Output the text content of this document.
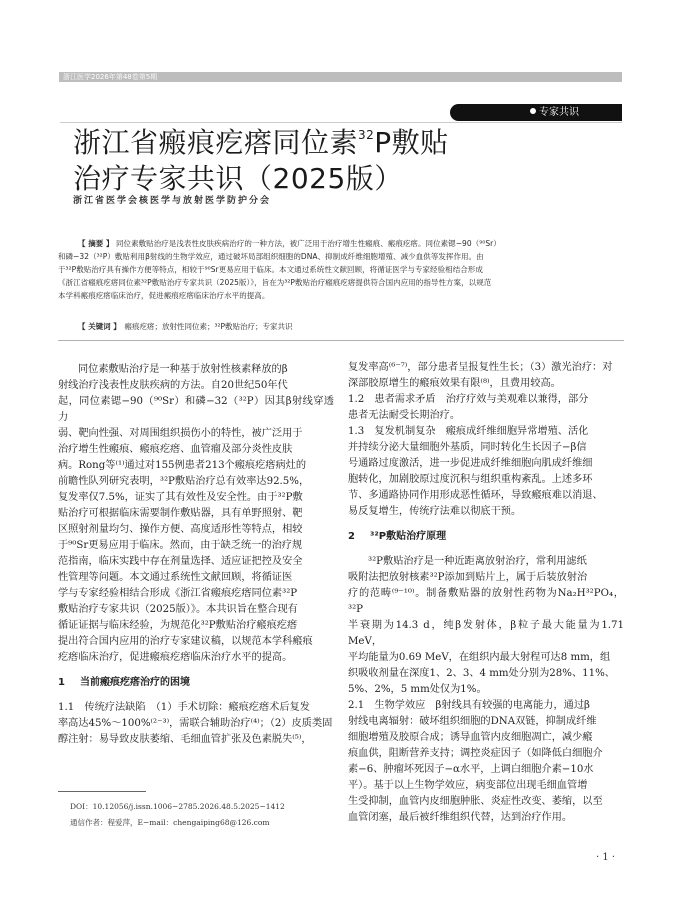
浙江医学2026年第48卷第5期
专家共识
浙江省瘢痕疙瘩同位素$^{32}$P敷贴
治疗专家共识（2025版）
浙江省医学会核医学与放射医学防护分会
【 摘要 】 同位素敷贴治疗是浅表性皮肤疾病治疗的一种方法，被广泛用于治疗增生性瘢痕、瘢痕疙瘩。同位素锶−90（⁹⁰Sr）
和磷−32（³²P）敷贴利用β射线的生物学效应，通过破坏局部组织细胞的DNA、抑制成纤维细胞增殖、减少血供等发挥作用。由
于³²P敷贴治疗具有操作方便等特点，相较于⁹⁰Sr更易应用于临床。本文通过系统性文献回顾，将循证医学与专家经验相结合形成
《浙江省瘢痕疙瘩同位素³²P敷贴治疗专家共识（2025版）》，旨在为³²P敷贴治疗瘢痕疙瘩提供符合国内应用的指导性方案，以规范
本学科瘢痕疙瘩临床治疗，促进瘢痕疙瘩临床治疗水平的提高。
【 关键词 】　 瘢痕疙瘩；放射性同位素；³²P敷贴治疗；专家共识
同位素敷贴治疗是一种基于放射性核素释放的β
射线治疗浅表性皮肤疾病的方法。自20世纪50年代
起，同位素锶−90（⁹⁰Sr）和磷−32（³²P）因其β射线穿透力
弱、靶向性强、对周围组织损伤小的特性，被广泛用于
治疗增生性瘢痕、瘢痕疙瘩、血管瘤及部分炎性皮肤
病。Rong等⁽¹⁾通过对155例患者213个瘢痕疙瘩病灶的
前瞻性队列研究表明，³²P敷贴治疗总有效率达92.5%，
复发率仅7.5%，证实了其有效性及安全性。由于³²P敷
贴治疗可根据临床需要制作敷贴器，具有单野照射、靶
区照射剂量均匀、操作方便、高度适形性等特点，相较
于⁹⁰Sr更易应用于临床。然而，由于缺乏统一的治疗规
范指南，临床实践中存在剂量选择、适应证把控及安全
性管理等问题。本文通过系统性文献回顾，将循证医
学与专家经验相结合形成《浙江省瘢痕疙瘩同位素³²P
敷贴治疗专家共识（2025版）》。本共识旨在整合现有
循证证据与临床经验，为规范化³²P敷贴治疗瘢痕疙瘩
提出符合国内应用的治疗专家建议稿，以规范本学科瘢痕
疙瘩临床治疗，促进瘢痕疙瘩临床治疗水平的提高。
1 当前瘢痕疙瘩治疗的困境
1.1　传统疗法缺陷　（1）手术切除：瘢痕疙瘩术后复发
率高达45%～100%⁽²⁻³⁾，需联合辅助治疗⁽⁴⁾；（2）皮质类固
醇注射：易导致皮肤萎缩、毛细血管扩张及色素脱失⁽⁵⁾，
复发率高⁽⁶⁻⁷⁾，部分患者呈报复性生长；（3）激光治疗：对
深部胶原增生的瘢痕效果有限⁽⁸⁾，且费用较高。
1.2　患者需求矛盾　治疗疗效与美观难以兼得，部分
患者无法耐受长期治疗。
1.3　复发机制复杂　瘢痕成纤维细胞异常增殖、活化
并持续分泌大量细胞外基质，同时转化生长因子−β信
号通路过度激活，进一步促进成纤维细胞向肌成纤维细
胞转化，加剧胶原过度沉积与组织重构紊乱。上述多环
节、多通路协同作用形成恶性循环，导致瘢痕难以消退、
易反复增生，传统疗法难以彻底干预。
2 ³²P敷贴治疗原理
³²P敷贴治疗是一种近距离放射治疗，常利用滤纸
吸附法把放射核素³²P添加到贴片上，属于后装放射治
疗的范畴⁽⁹⁻¹⁰⁾。制备敷贴器的放射性药物为Na₂H³²PO₄，³²P
半衰期为14.3 d，纯β发射体，β粒子最大能量为1.71 MeV，
平均能量为0.69 MeV，在组织内最大射程可达8 mm，组
织吸收剂量在深度1、2、3、4 mm处分别为28%、11%、
5%、2%，5 mm处仅为1%。
2.1　生物学效应　β射线具有较强的电离能力，通过β
射线电离辐射：破坏组织细胞的DNA双链，抑制成纤维
细胞增殖及胶原合成；诱导血管内皮细胞凋亡，减少瘢
痕血供，阻断营养支持；调控炎症因子（如降低白细胞介
素−6、肿瘤坏死因子−α水平，上调白细胞介素−10水
平）。基于以上生物学效应，病变部位出现毛细血管增
生受抑制，血管内皮细胞肿胀、炎症性改变、萎缩，以至
血管闭塞，最后被纤维组织代替，达到治疗作用。
DOI：10.12056/j.issn.1006−2785.2026.48.5.2025−1412
通信作者：程爱萍，E−mail：chengaiping68@126.com
· 1 ·
